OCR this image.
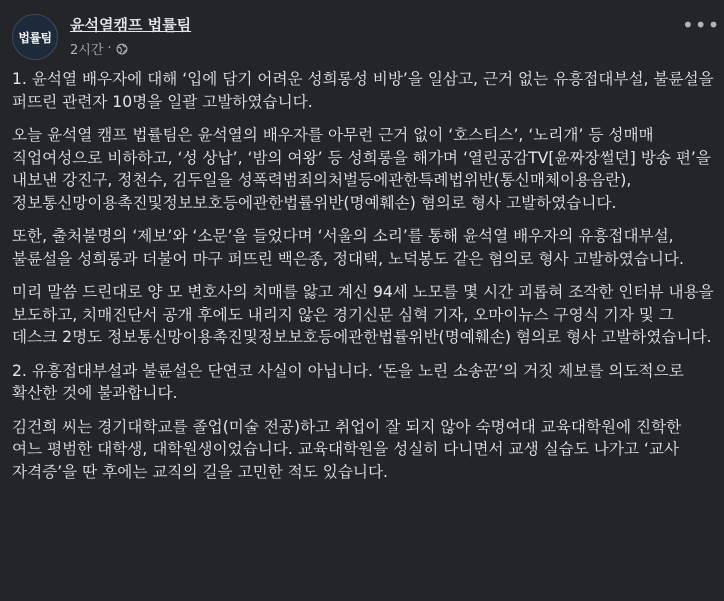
법률팀
윤석열캠프 법률팀
2시간 ·
•••

1. 윤석열 배우자에 대해 ‘입에 담기 어려운 성희롱성 비방’을 일삼고, 근거 없는 유흥접대부설, 불륜설을 퍼뜨린 관련자 10명을 일괄 고발하였습니다.

오늘 윤석열 캠프 법률팀은 윤석열의 배우자를 아무런 근거 없이 ‘호스티스’, ‘노리개’ 등 성매매 직업여성으로 비하하고, ‘성 상납’, ‘밤의 여왕’ 등 성희롱을 해가며 ‘열린공감TV[윤짜장썰뎐] 방송 편’을 내보낸 강진구, 정천수, 김두일을 성폭력범죄의처벌등에관한특례법위반(통신매체이용음란), 정보통신망이용촉진및정보보호등에관한법률위반(명예훼손) 혐의로 형사 고발하였습니다.

또한, 출처불명의 ‘제보’와 ‘소문’을 들었다며 ‘서울의 소리’를 통해 윤석열 배우자의 유흥접대부설, 불륜설을 성희롱과 더불어 마구 퍼뜨린 백은종, 정대택, 노덕봉도 같은 혐의로 형사 고발하였습니다.

미리 말씀 드린대로 양 모 변호사의 치매를 앓고 계신 94세 노모를 몇 시간 괴롭혀 조작한 인터뷰 내용을 보도하고, 치매진단서 공개 후에도 내리지 않은 경기신문 심혁 기자, 오마이뉴스 구영식 기자 및 그 데스크 2명도 정보통신망이용촉진및정보보호등에관한법률위반(명예훼손) 혐의로 형사 고발하였습니다.

2. 유흥접대부설과 불륜설은 단연코 사실이 아닙니다. ‘돈을 노린 소송꾼’의 거짓 제보를 의도적으로 확산한 것에 불과합니다.

김건희 씨는 경기대학교를 졸업(미술 전공)하고 취업이 잘 되지 않아 숙명여대 교육대학원에 진학한 여느 평범한 대학생, 대학원생이었습니다. 교육대학원을 성실히 다니면서 교생 실습도 나가고 ‘교사 자격증’을 딴 후에는 교직의 길을 고민한 적도 있습니다.
